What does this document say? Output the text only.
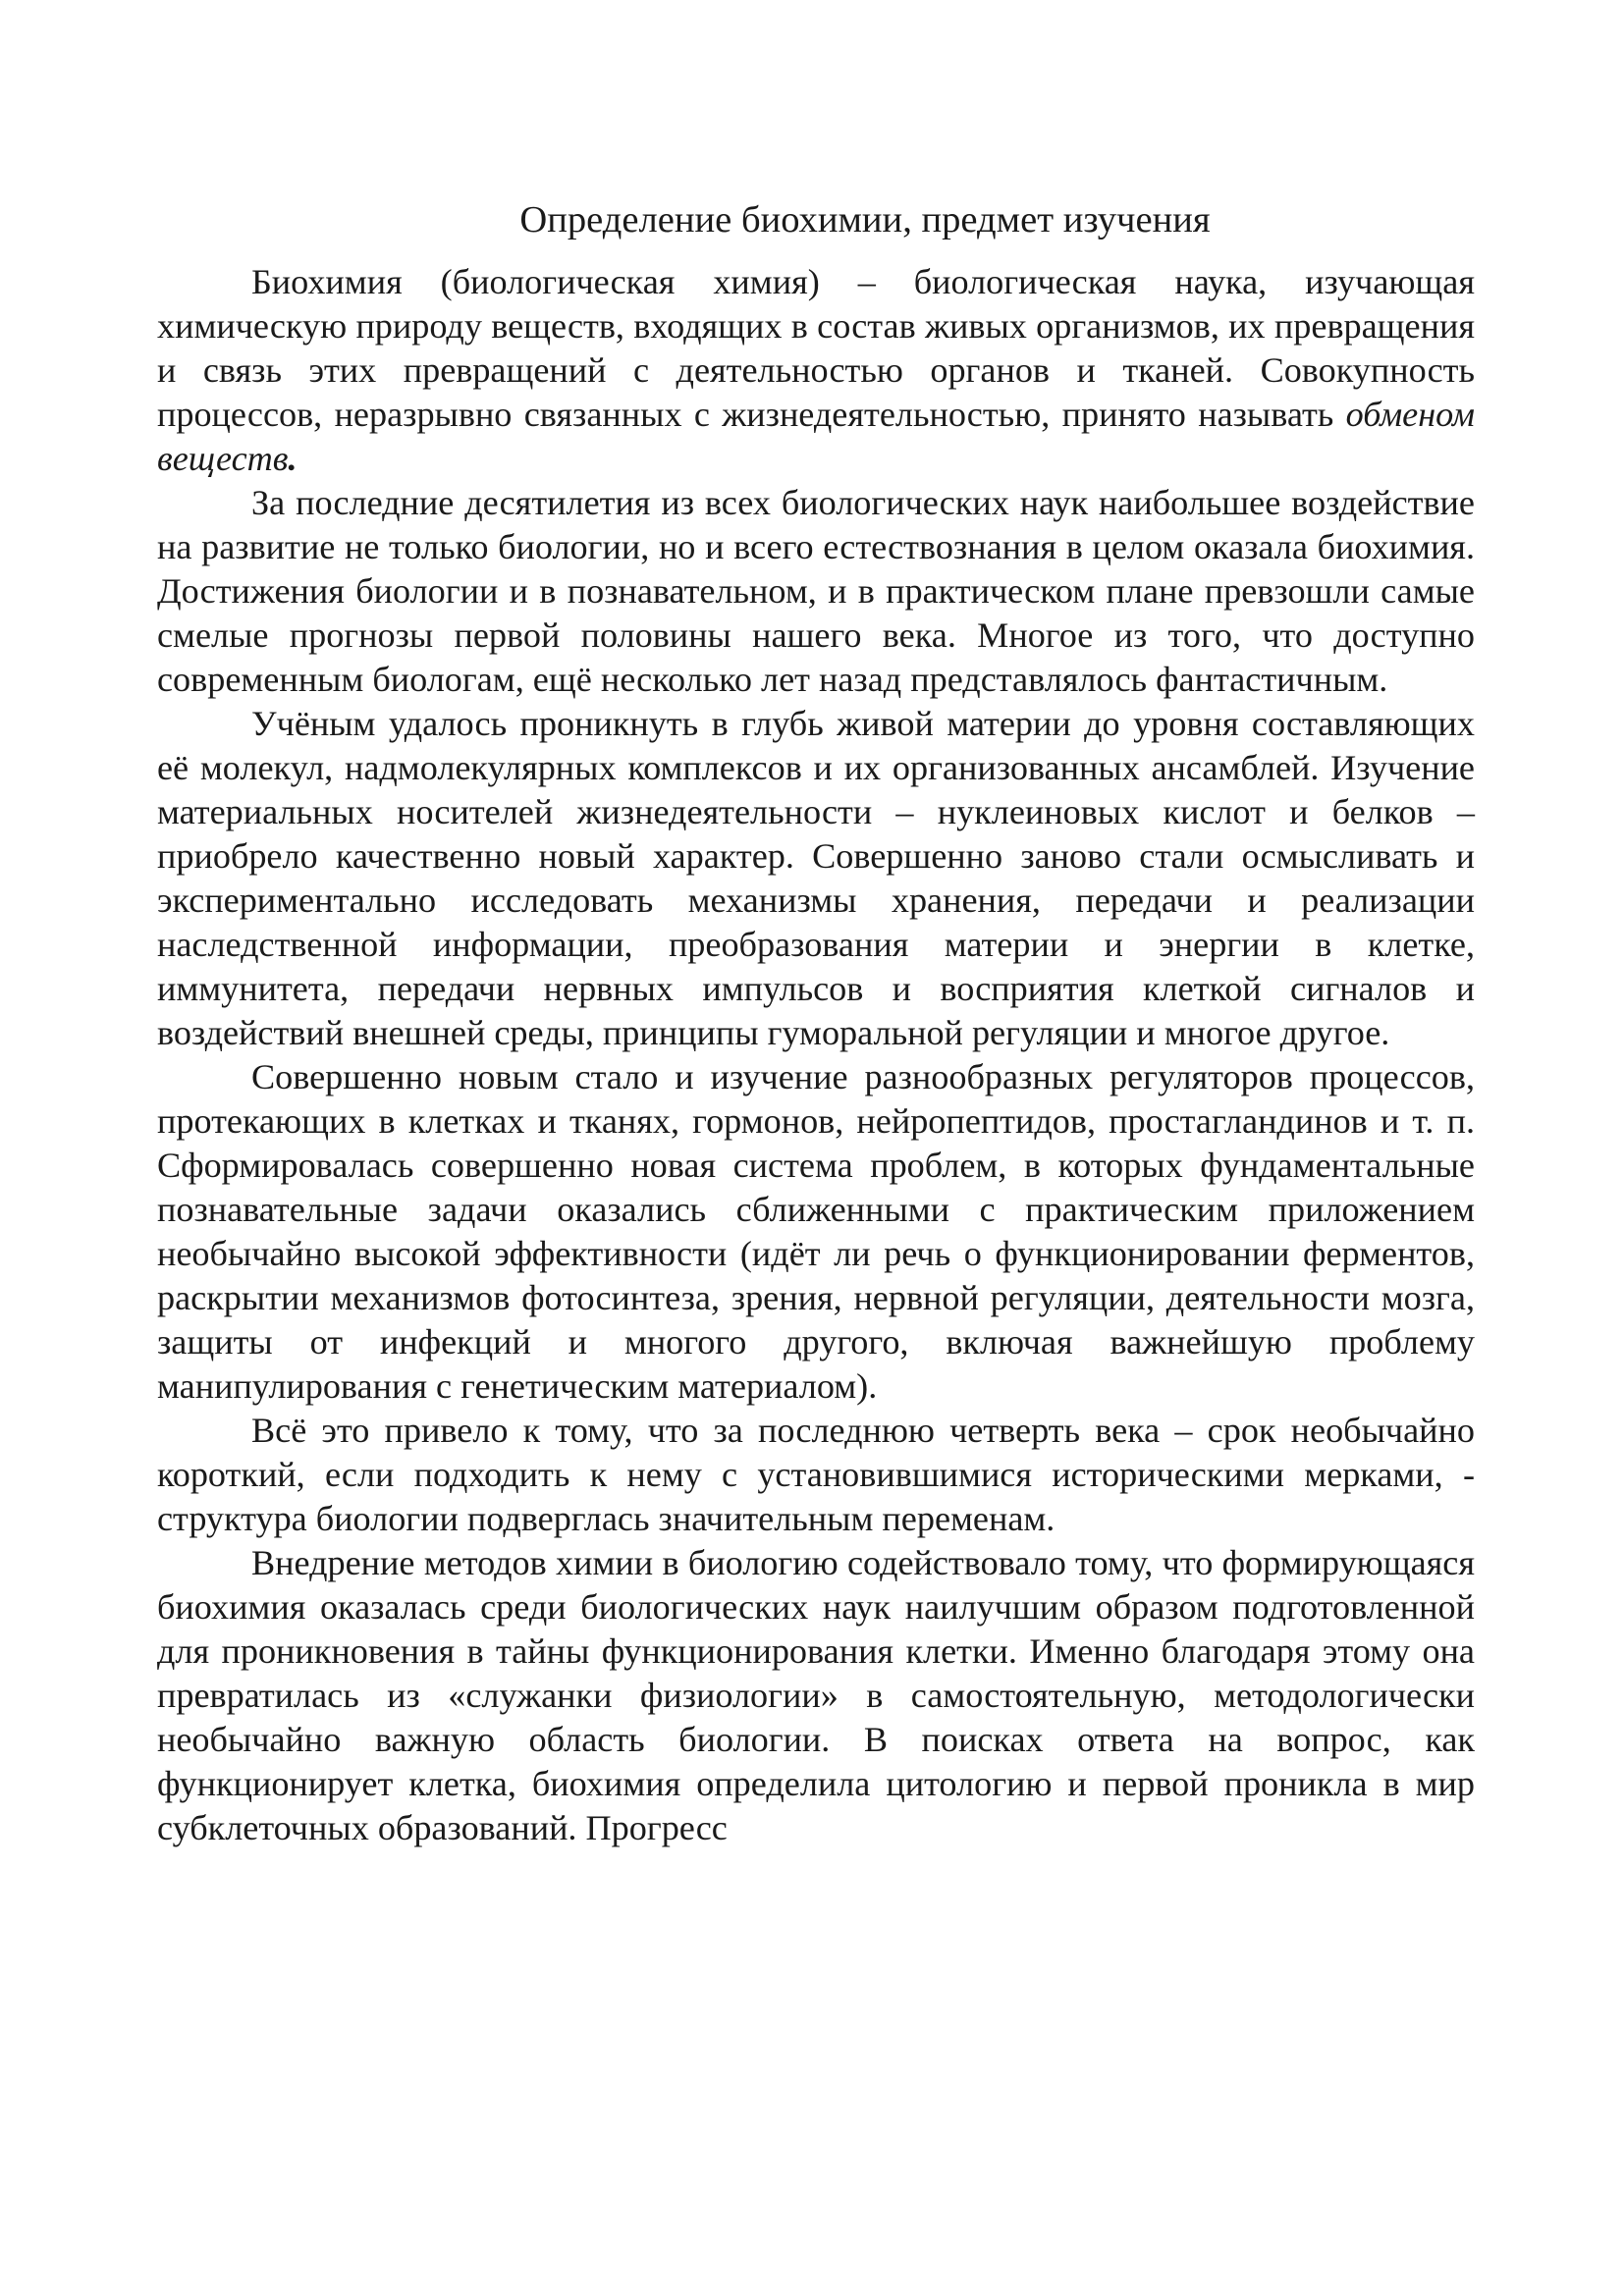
Определение биохимии, предмет изучения

Биохимия (биологическая химия) – биологическая наука, изучающая химическую природу веществ, входящих в состав живых организмов, их превращения и связь этих превращений с деятельностью органов и тканей. Совокупность процессов, неразрывно связанных с жизнедеятельностью, принято называть обменом веществ.

За последние десятилетия из всех биологических наук наибольшее воздействие на развитие не только биологии, но и всего естествознания в целом оказала биохимия. Достижения биологии и в познавательном, и в практическом плане превзошли самые смелые прогнозы первой половины нашего века. Многое из того, что доступно современным биологам, ещё несколько лет назад представлялось фантастичным.

Учёным удалось проникнуть в глубь живой материи до уровня составляющих её молекул, надмолекулярных комплексов и их организованных ансамблей. Изучение материальных носителей жизнедеятельности – нуклеиновых кислот и белков – приобрело качественно новый характер. Совершенно заново стали осмысливать и экспериментально исследовать механизмы хранения, передачи и реализации наследственной информации, преобразования материи и энергии в клетке, иммунитета, передачи нервных импульсов и восприятия клеткой сигналов и воздействий внешней среды, принципы гуморальной регуляции и многое другое.

Совершенно новым стало и изучение разнообразных регуляторов процессов, протекающих в клетках и тканях, гормонов, нейропептидов, простагландинов и т. п. Сформировалась совершенно новая система проблем, в которых фундаментальные познавательные задачи оказались сближенными с практическим приложением необычайно высокой эффективности (идёт ли речь о функционировании ферментов, раскрытии механизмов фотосинтеза, зрения, нервной регуляции, деятельности мозга, защиты от инфекций и многого другого, включая важнейшую проблему манипулирования с генетическим материалом).

Всё это привело к тому, что за последнюю четверть века – срок необычайно короткий, если подходить к нему с установившимися историческими мерками, - структура биологии подверглась значительным переменам.

Внедрение методов химии в биологию содействовало тому, что формирующаяся биохимия оказалась среди биологических наук наилучшим образом подготовленной для проникновения в тайны функционирования клетки. Именно благодаря этому она превратилась из «служанки физиологии» в самостоятельную, методологически необычайно важную область биологии. В поисках ответа на вопрос, как функционирует клетка, биохимия определила цитологию и первой проникла в мир субклеточных образований. Прогресс
